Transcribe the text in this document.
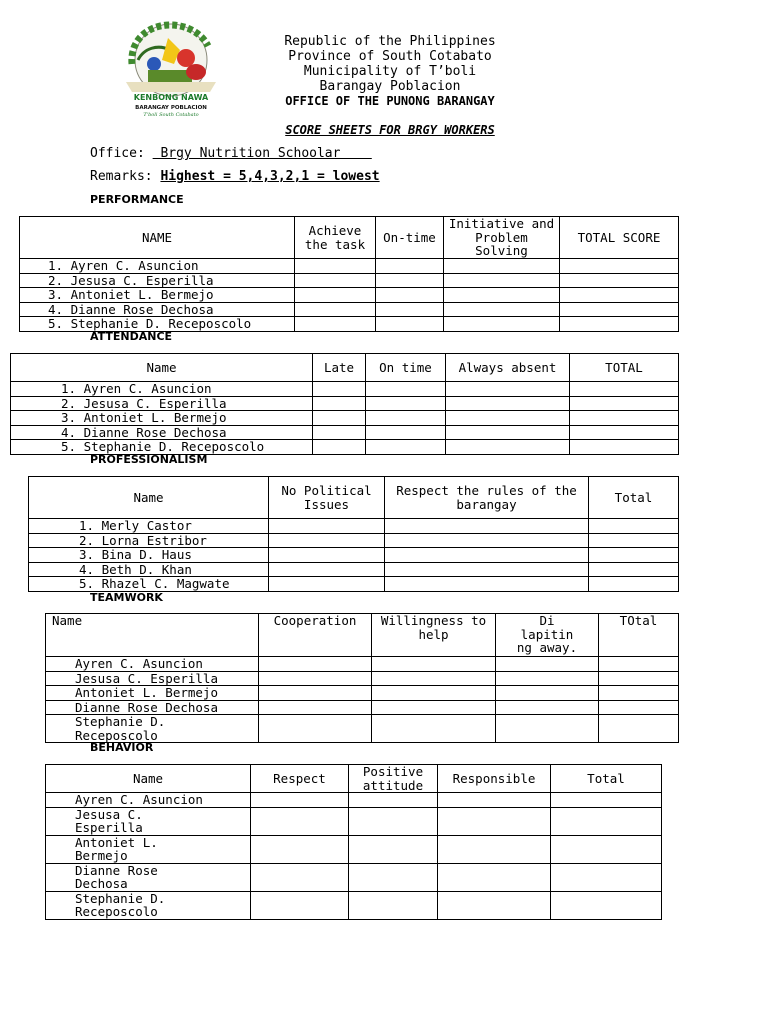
KENBONG NAWA
BARANGAY POBLACION
T'boli South Cotabato
Republic of the Philippines
Province of South Cotabato
Municipality of T’boli
Barangay Poblacion
OFFICE OF THE PUNONG BARANGAY
SCORE SHEETS FOR BRGY WORKERS
Office:  Brgy Nutrition Schoolar
Remarks: Highest = 5,4,3,2,1 = lowest
PERFORMANCE
NAME	Achieve the task	On-time	Initiative and Problem Solving	TOTAL SCORE
1. Ayren C. Asuncion				
2. Jesusa C. Esperilla				
3. Antoniet L. Bermejo				
4. Dianne Rose Dechosa				
5. Stephanie D. Receposcolo				
ATTENDANCE
Name	Late	On time	Always absent	TOTAL
1. Ayren C. Asuncion				
2. Jesusa C. Esperilla				
3. Antoniet L. Bermejo				
4. Dianne Rose Dechosa				
5. Stephanie D. Receposcolo				
PROFESSIONALISM
Name	No Political Issues	Respect the rules of the barangay	Total
1. Merly Castor			
2. Lorna Estribor			
3. Bina D. Haus			
4. Beth D. Khan			
5. Rhazel C. Magwate			
TEAMWORK
Name	Cooperation	Willingness to help	Di lapitin ng away.	TOtal
Ayren C. Asuncion				
Jesusa C. Esperilla				
Antoniet L. Bermejo				
Dianne Rose Dechosa				
Stephanie D. Receposcolo				
BEHAVIOR
Name	Respect	Positive attitude	Responsible	Total
Ayren C. Asuncion				
Jesusa C. Esperilla				
Antoniet L. Bermejo				
Dianne Rose Dechosa				
Stephanie D. Receposcolo				
